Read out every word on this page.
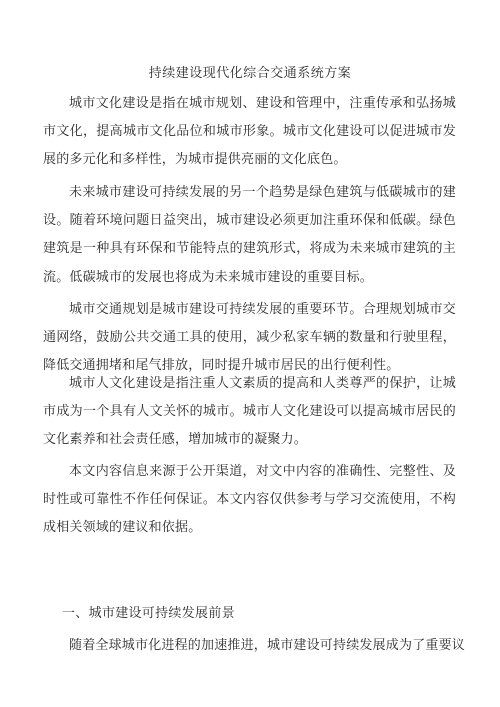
持续建设现代化综合交通系统方案

城市文化建设是指在城市规划、建设和管理中，注重传承和弘扬城市文化，提高城市文化品位和城市形象。城市文化建设可以促进城市发展的多元化和多样性，为城市提供亮丽的文化底色。

未来城市建设可持续发展的另一个趋势是绿色建筑与低碳城市的建设。随着环境问题日益突出，城市建设必须更加注重环保和低碳。绿色建筑是一种具有环保和节能特点的建筑形式，将成为未来城市建筑的主流。低碳城市的发展也将成为未来城市建设的重要目标。

城市交通规划是城市建设可持续发展的重要环节。合理规划城市交通网络，鼓励公共交通工具的使用，减少私家车辆的数量和行驶里程，降低交通拥堵和尾气排放，同时提升城市居民的出行便利性。

城市人文化建设是指注重人文素质的提高和人类尊严的保护，让城市成为一个具有人文关怀的城市。城市人文化建设可以提高城市居民的文化素养和社会责任感，增加城市的凝聚力。

本文内容信息来源于公开渠道，对文中内容的准确性、完整性、及时性或可靠性不作任何保证。本文内容仅供参考与学习交流使用，不构成相关领域的建议和依据。

一、城市建设可持续发展前景

随着全球城市化进程的加速推进，城市建设可持续发展成为了重要议
